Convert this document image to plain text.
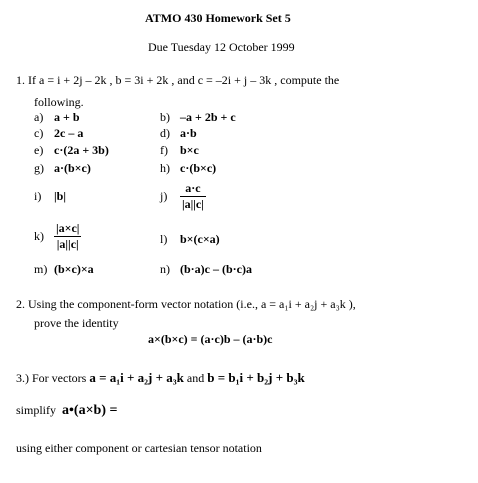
ATMO 430 Homework Set 5
Due Tuesday 12 October 1999
1. If a = i + 2j – 2k , b = 3i + 2k , and c = –2i + j – 3k , compute the
following.
a) a + b	b) –a + 2b + c
c) 2c – a	d) a·b
e) c·(2a + 3b)	f) b×c
g) a·(b×c)	h) c·(b×c)
i) |b|	$j) \frac{a\cdot c}{|a||c|}$
$k) \frac{|a\times c|}{|a||c|}$	l) b×(c×a)
m) (b×c)×a	n) (b·a)c – (b·c)a
2. Using the component-form vector notation (i.e., a = a₁i + a₂j + a₃k ),
prove the identity
a×(b×c) = (a·c)b – (a·b)c
3.) For vectors a = a₁i + a₂j + a₃k and b = b₁i + b₂j + b₃k
simplify a•(a×b) =
using either component or cartesian tensor notation
